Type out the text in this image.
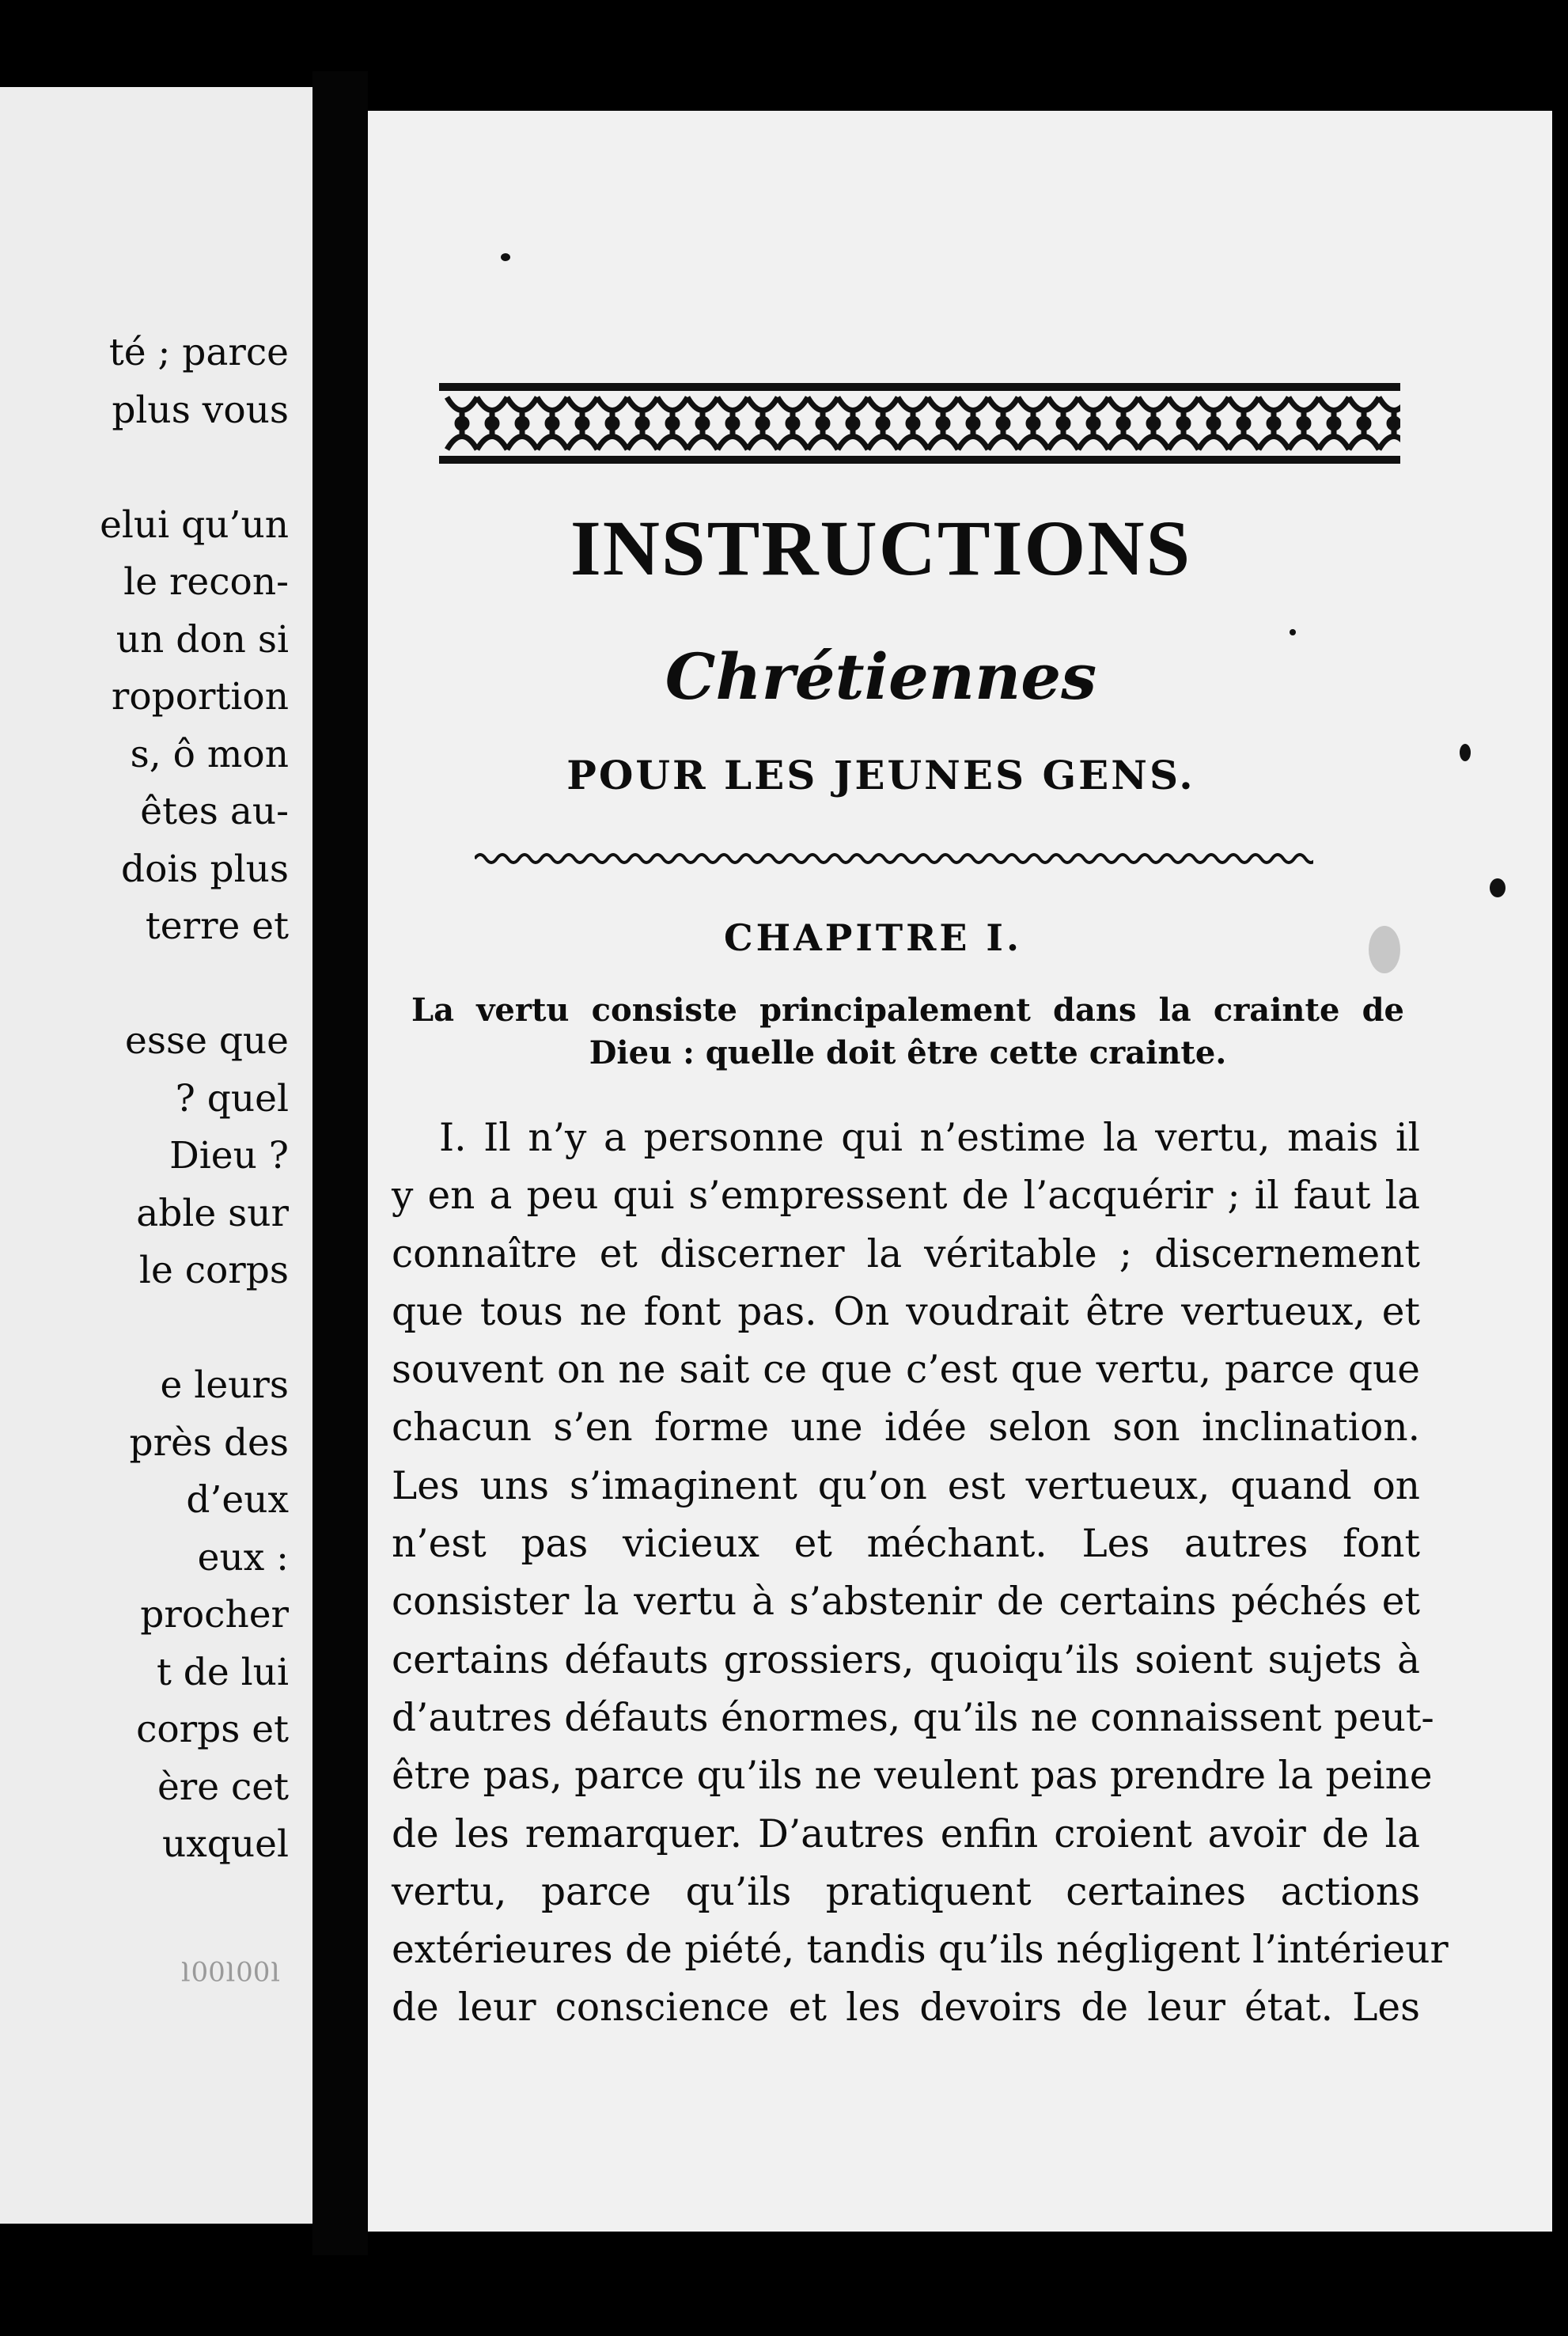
té ; parce
plus vous
elui qu’un
le recon-
un don si
roportion
s, ô mon
êtes au-
dois plus
terre et
esse que
? quel
Dieu ?
able sur
le corps
e leurs
près des
d’eux
eux :
procher
t de lui
corps et
ère cet
uxquel
Ɩ00Ɩ00Ɩ
INSTRUCTIONS
Chrétiennes
POUR LES JEUNES GENS.
CHAPITRE I.
La vertu consiste principalement dans la crainte de
Dieu : quelle doit être cette crainte.
I. Il n’y a personne qui n’estime la vertu, mais il
y en a peu qui s’empressent de l’acquérir ; il faut la
connaître et discerner la véritable ; discernement
que tous ne font pas. On voudrait être vertueux, et
souvent on ne sait ce que c’est que vertu, parce que
chacun s’en forme une idée selon son inclination.
Les uns s’imaginent qu’on est vertueux, quand on
n’est pas vicieux et méchant. Les autres font
consister la vertu à s’abstenir de certains péchés et
certains défauts grossiers, quoiqu’ils soient sujets à
d’autres défauts énormes, qu’ils ne connaissent peut-
être pas, parce qu’ils ne veulent pas prendre la peine
de les remarquer. D’autres enfin croient avoir de la
vertu, parce qu’ils pratiquent certaines actions
extérieures de piété, tandis qu’ils négligent l’intérieur
de leur conscience et les devoirs de leur état. Les
